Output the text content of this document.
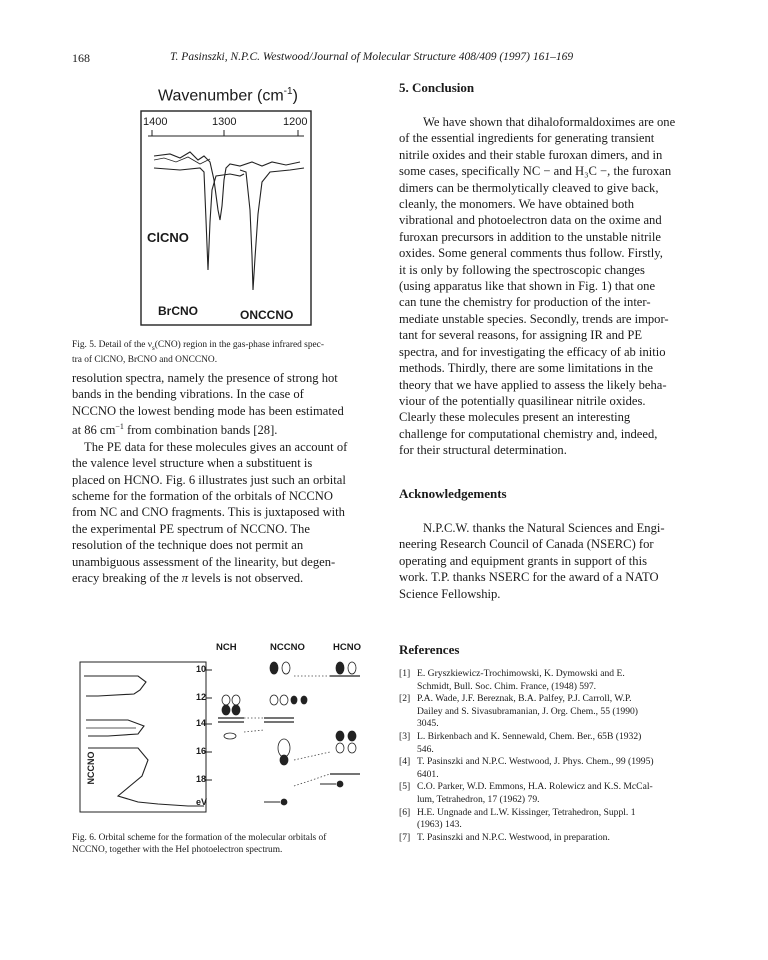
168	T. Pasinszki, N.P.C. Westwood/Journal of Molecular Structure 408/409 (1997) 161–169
Wavenumber $(cm^{-1})$
1400	1300	1200
ClCNO
BrCNO	ONCCNO
Fig. 5. Detail of the $\nu_s(CNO)$ region in the gas-phase infrared spec-
tra of ClCNO, BrCNO and ONCCNO.
resolution spectra, namely the presence of strong hot
bands in the bending vibrations. In the case of
NCCNO the lowest bending mode has been estimated
at 86 $cm^{-1}$ from combination bands [28].
The PE data for these molecules gives an account of
the valence level structure when a substituent is
placed on HCNO. Fig. 6 illustrates just such an orbital
scheme for the formation of the orbitals of NCCNO
from NC and CNO fragments. This is juxtaposed with
the experimental PE spectrum of NCCNO. The
resolution of the technique does not permit an
unambiguous assessment of the linearity, but degen-
eracy breaking of the π levels is not observed.
NCH	NCCNO	HCNO
NCCNO
10
12
14
16
18
eV
Fig. 6. Orbital scheme for the formation of the molecular orbitals of
NCCNO, together with the HeI photoelectron spectrum.
5. Conclusion
We have shown that dihaloformaldoximes are one
of the essential ingredients for generating transient
nitrile oxides and their stable furoxan dimers, and in
some cases, specifically NC − and H₃C −, the furoxan
dimers can be thermolytically cleaved to give back,
cleanly, the monomers. We have obtained both
vibrational and photoelectron data on the oxime and
furoxan precursors in addition to the unstable nitrile
oxides. Some general comments thus follow. Firstly,
it is only by following the spectroscopic changes
(using apparatus like that shown in Fig. 1) that one
can tune the chemistry for production of the inter-
mediate unstable species. Secondly, trends are impor-
tant for several reasons, for assigning IR and PE
spectra, and for investigating the efficacy of ab initio
methods. Thirdly, there are some limitations in the
theory that we have applied to assess the likely beha-
viour of the potentially quasilinear nitrile oxides.
Clearly these molecules present an interesting
challenge for computational chemistry and, indeed,
for their structural determination.
Acknowledgements
N.P.C.W. thanks the Natural Sciences and Engi-
neering Research Council of Canada (NSERC) for
operating and equipment grants in support of this
work. T.P. thanks NSERC for the award of a NATO
Science Fellowship.
References
[1] E. Gryszkiewicz-Trochimowski, K. Dymowski and E.
Schmidt, Bull. Soc. Chim. France, (1948) 597.
[2] P.A. Wade, J.F. Bereznak, B.A. Palfey, P.J. Carroll, W.P.
Dailey and S. Sivasubramanian, J. Org. Chem., 55 (1990)
3045.
[3] L. Birkenbach and K. Sennewald, Chem. Ber., 65B (1932)
546.
[4] T. Pasinszki and N.P.C. Westwood, J. Phys. Chem., 99 (1995)
6401.
[5] C.O. Parker, W.D. Emmons, H.A. Rolewicz and K.S. McCal-
lum, Tetrahedron, 17 (1962) 79.
[6] H.E. Ungnade and L.W. Kissinger, Tetrahedron, Suppl. 1
(1963) 143.
[7] T. Pasinszki and N.P.C. Westwood, in preparation.
